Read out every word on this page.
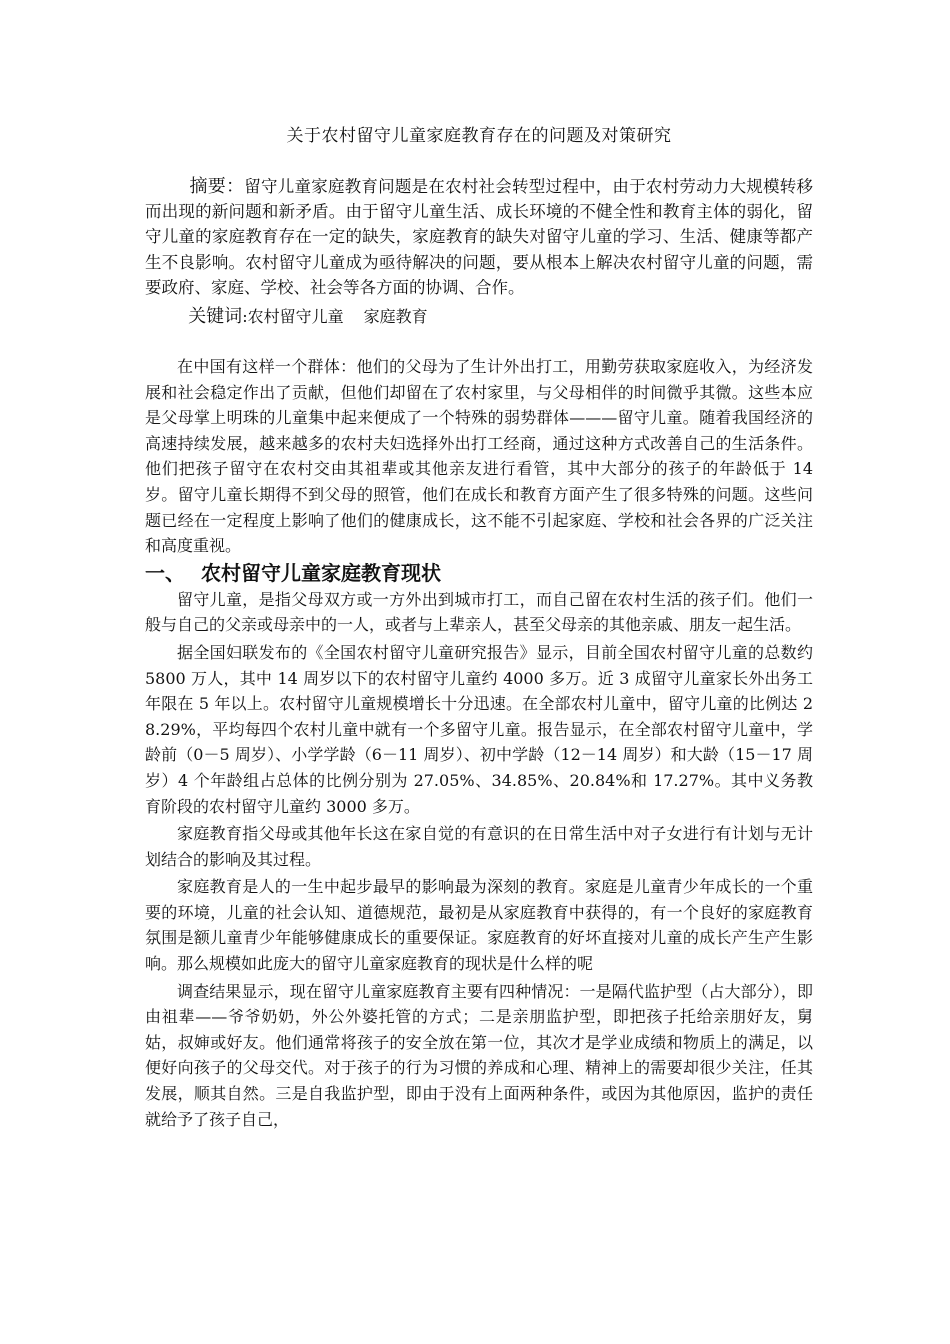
关于农村留守儿童家庭教育存在的问题及对策研究

摘要：留守儿童家庭教育问题是在农村社会转型过程中，由于农村劳动力大规模转移而出现的新问题和新矛盾。由于留守儿童生活、成长环境的不健全性和教育主体的弱化，留守儿童的家庭教育存在一定的缺失，家庭教育的缺失对留守儿童的学习、生活、健康等都产生不良影响。农村留守儿童成为亟待解决的问题，要从根本上解决农村留守儿童的问题，需要政府、家庭、学校、社会等各方面的协调、合作。

关键词:农村留守儿童 家庭教育

在中国有这样一个群体：他们的父母为了生计外出打工，用勤劳获取家庭收入，为经济发展和社会稳定作出了贡献，但他们却留在了农村家里，与父母相伴的时间微乎其微。这些本应是父母掌上明珠的儿童集中起来便成了一个特殊的弱势群体———留守儿童。随着我国经济的高速持续发展，越来越多的农村夫妇选择外出打工经商，通过这种方式改善自己的生活条件。他们把孩子留守在农村交由其祖辈或其他亲友进行看管，其中大部分的孩子的年龄低于 14 岁。留守儿童长期得不到父母的照管，他们在成长和教育方面产生了很多特殊的问题。这些问题已经在一定程度上影响了他们的健康成长，这不能不引起家庭、学校和社会各界的广泛关注和高度重视。

一、 农村留守儿童家庭教育现状

留守儿童，是指父母双方或一方外出到城市打工，而自己留在农村生活的孩子们。他们一般与自己的父亲或母亲中的一人，或者与上辈亲人，甚至父母亲的其他亲戚、朋友一起生活。

据全国妇联发布的《全国农村留守儿童研究报告》显示，目前全国农村留守儿童的总数约 5800 万人，其中 14 周岁以下的农村留守儿童约 4000 多万。近 3 成留守儿童家长外出务工年限在 5 年以上。农村留守儿童规模增长十分迅速。在全部农村儿童中，留守儿童的比例达 28.29%，平均每四个农村儿童中就有一个多留守儿童。报告显示，在全部农村留守儿童中，学龄前（0－5 周岁）、小学学龄（6－11 周岁）、初中学龄（12－14 周岁）和大龄（15－17 周岁）4 个年龄组占总体的比例分别为 27.05%、34.85%、20.84%和 17.27%。其中义务教育阶段的农村留守儿童约 3000 多万。

家庭教育指父母或其他年长这在家自觉的有意识的在日常生活中对子女进行有计划与无计划结合的影响及其过程。

家庭教育是人的一生中起步最早的影响最为深刻的教育。家庭是儿童青少年成长的一个重要的环境，儿童的社会认知、道德规范，最初是从家庭教育中获得的，有一个良好的家庭教育氛围是额儿童青少年能够健康成长的重要保证。家庭教育的好坏直接对儿童的成长产生产生影响。那么规模如此庞大的留守儿童家庭教育的现状是什么样的呢

调查结果显示，现在留守儿童家庭教育主要有四种情况：一是隔代监护型（占大部分），即由祖辈——爷爷奶奶，外公外婆托管的方式；二是亲朋监护型，即把孩子托给亲朋好友，舅姑，叔婶或好友。他们通常将孩子的安全放在第一位，其次才是学业成绩和物质上的满足，以便好向孩子的父母交代。对于孩子的行为习惯的养成和心理、精神上的需要却很少关注，任其发展，顺其自然。三是自我监护型，即由于没有上面两种条件，或因为其他原因，监护的责任就给予了孩子自己，
